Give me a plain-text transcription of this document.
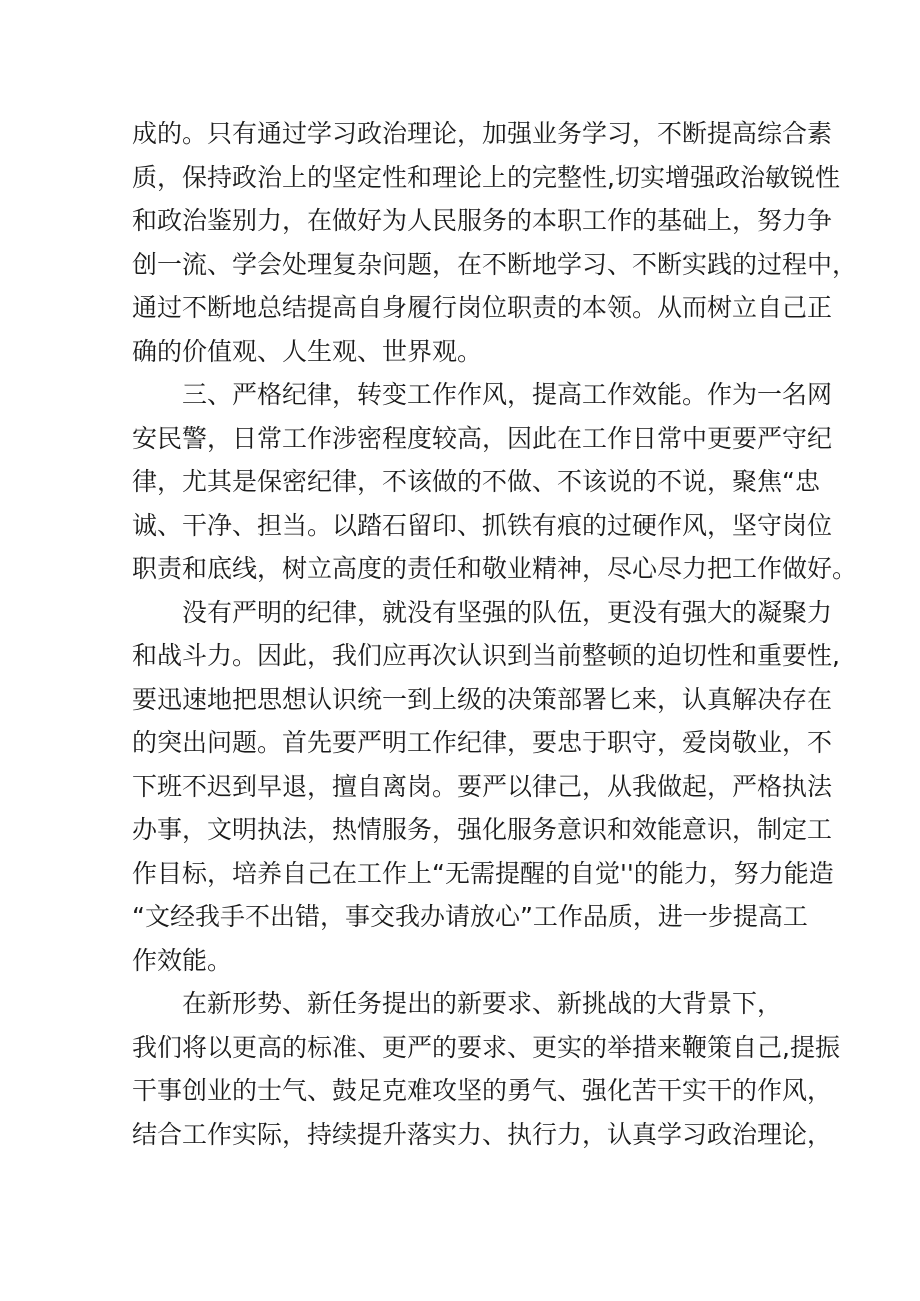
成的。只有通过学习政治理论，加强业务学习，不断提高综合素
质，保持政治上的坚定性和理论上的完整性,切实增强政治敏锐性
和政治鉴别力，在做好为人民服务的本职工作的基础上，努力争
创一流、学会处理复杂问题，在不断地学习、不断实践的过程中，
通过不断地总结提高自身履行岗位职责的本领。从而树立自己正
确的价值观、人生观、世界观。
三、严格纪律，转变工作作风，提高工作效能。作为一名网
安民警，日常工作涉密程度较高，因此在工作日常中更要严守纪
律，尤其是保密纪律，不该做的不做、不该说的不说，聚焦“忠
诚、干净、担当。以踏石留印、抓铁有痕的过硬作风，坚守岗位
职责和底线，树立高度的责任和敬业精神，尽心尽力把工作做好。
没有严明的纪律，就没有坚强的队伍，更没有强大的凝聚力
和战斗力。因此，我们应再次认识到当前整顿的迫切性和重要性,
要迅速地把思想认识统一到上级的决策部署匕来，认真解决存在
的突出问题。首先要严明工作纪律，要忠于职守，爱岗敬业，不
下班不迟到早退，擅自离岗。要严以律己，从我做起，严格执法
办事，文明执法，热情服务，强化服务意识和效能意识，制定工
作目标，培养自己在工作上“无需提醒的自觉''的能力，努力能造
“文经我手不出错，事交我办请放心”工作品质，进一步提高工
作效能。
在新形势、新任务提出的新要求、新挑战的大背景下，
我们将以更高的标准、更严的要求、更实的举措来鞭策自己,提振
干事创业的士气、鼓足克难攻坚的勇气、强化苦干实干的作风，
结合工作实际，持续提升落实力、执行力，认真学习政治理论，
